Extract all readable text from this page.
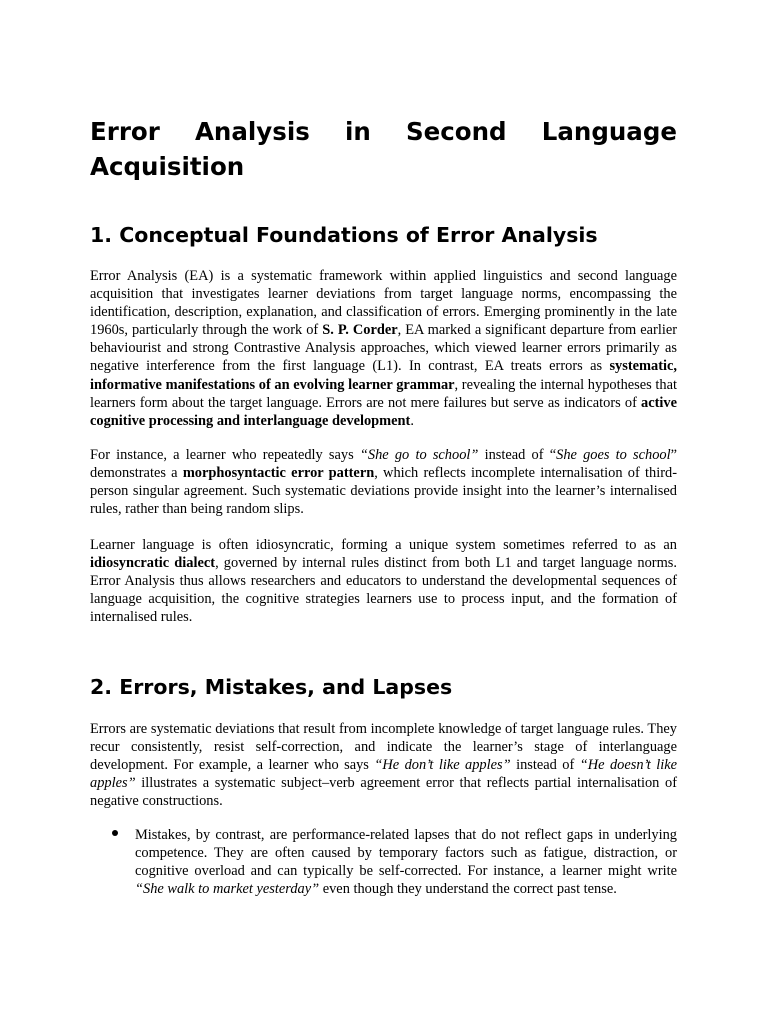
Error Analysis in Second Language Acquisition
1. Conceptual Foundations of Error Analysis

Error Analysis (EA) is a systematic framework within applied linguistics and second language acquisition that investigates learner deviations from target language norms, encompassing the identification, description, explanation, and classification of errors. Emerging prominently in the late 1960s, particularly through the work of S. P. Corder, EA marked a significant departure from earlier behaviourist and strong Contrastive Analysis approaches, which viewed learner errors primarily as negative interference from the first language (L1). In contrast, EA treats errors as systematic, informative manifestations of an evolving learner grammar, revealing the internal hypotheses that learners form about the target language. Errors are not mere failures but serve as indicators of active cognitive processing and interlanguage development.

For instance, a learner who repeatedly says “She go to school” instead of “She goes to school” demonstrates a morphosyntactic error pattern, which reflects incomplete internalisation of third-person singular agreement. Such systematic deviations provide insight into the learner’s internalised rules, rather than being random slips.

Learner language is often idiosyncratic, forming a unique system sometimes referred to as an idiosyncratic dialect, governed by internal rules distinct from both L1 and target language norms. Error Analysis thus allows researchers and educators to understand the developmental sequences of language acquisition, the cognitive strategies learners use to process input, and the formation of internalised rules.

2. Errors, Mistakes, and Lapses

Errors are systematic deviations that result from incomplete knowledge of target language rules. They recur consistently, resist self-correction, and indicate the learner’s stage of interlanguage development. For example, a learner who says “He don’t like apples” instead of “He doesn’t like apples” illustrates a systematic subject–verb agreement error that reflects partial internalisation of negative constructions.

Mistakes, by contrast, are performance-related lapses that do not reflect gaps in underlying competence. They are often caused by temporary factors such as fatigue, distraction, or cognitive overload and can typically be self-corrected. For instance, a learner might write “She walk to market yesterday” even though they understand the correct past tense.
